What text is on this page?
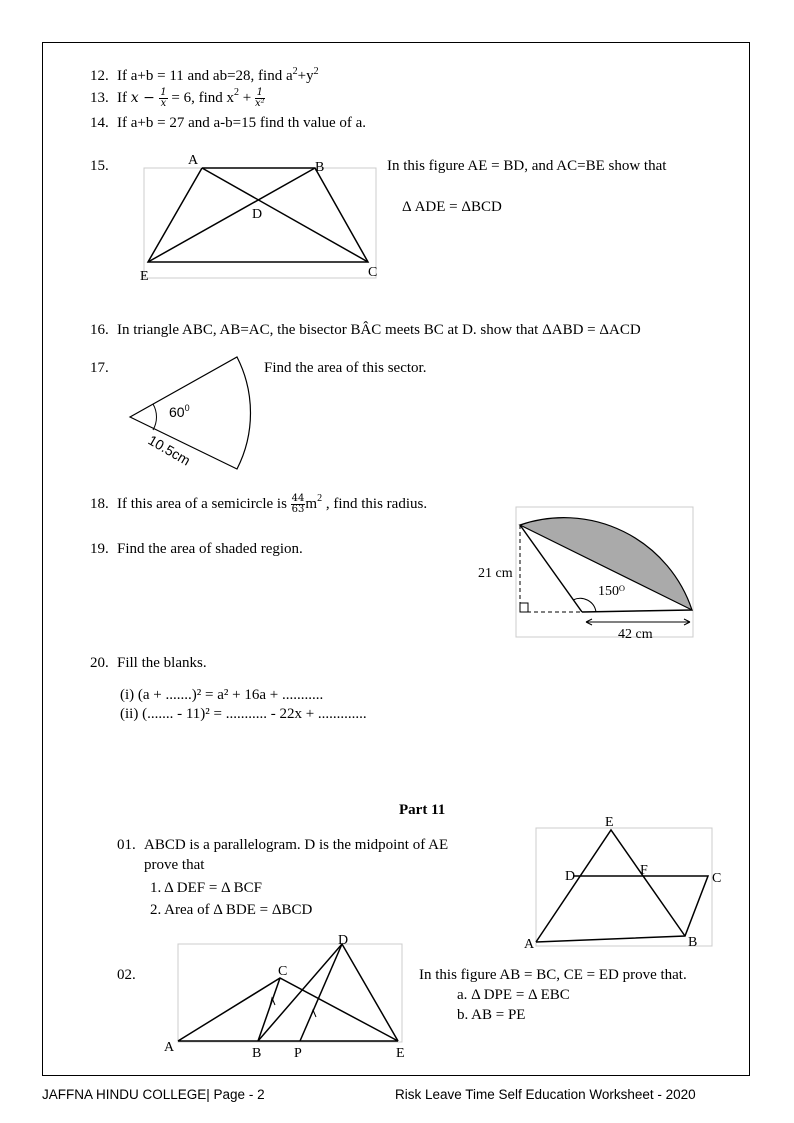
12. If a+b = 11 and ab=28, find $a^2+y^2$
13. If $x - \frac{1}{x} = 6$, find $x^2 + \frac{1}{\text{x²}}$
14. If a+b = 27 and a-b=15 find th value of a.
15.	A	B
D
E	C
In this figure AE = BD, and AC=BE show that
Δ ADE = ΔBCD
16. In triangle ABC, AB=AC, the bisector BÂC meets BC at D. show that ΔABD = ΔACD
17.
$60^0$
10.5cm
Find the area of this sector.
18. If this area of a semicircle is $\frac{44}{63} m^2$ , find this radius.
19. Find the area of shaded region.
21 cm
150ᴼ
42 cm
20. Fill the blanks.
(i) (a + .......)² = a² + 16a + ...........
(ii) (....... - 11)² = ........... - 22x + .............
Part 11
01. ABCD is a parallelogram. D is the midpoint of AE
prove that
1. Δ DEF = Δ BCF
2. Area of Δ BDE = ΔBCD
E
D	F
C
A	B
02.
A	B
C
D
E
P
In this figure AB = BC, CE = ED prove that.
a. Δ DPE = Δ EBC
b. AB = PE
JAFFNA HINDU COLLEGE| Page - 2	Risk Leave Time Self Education Worksheet - 2020
